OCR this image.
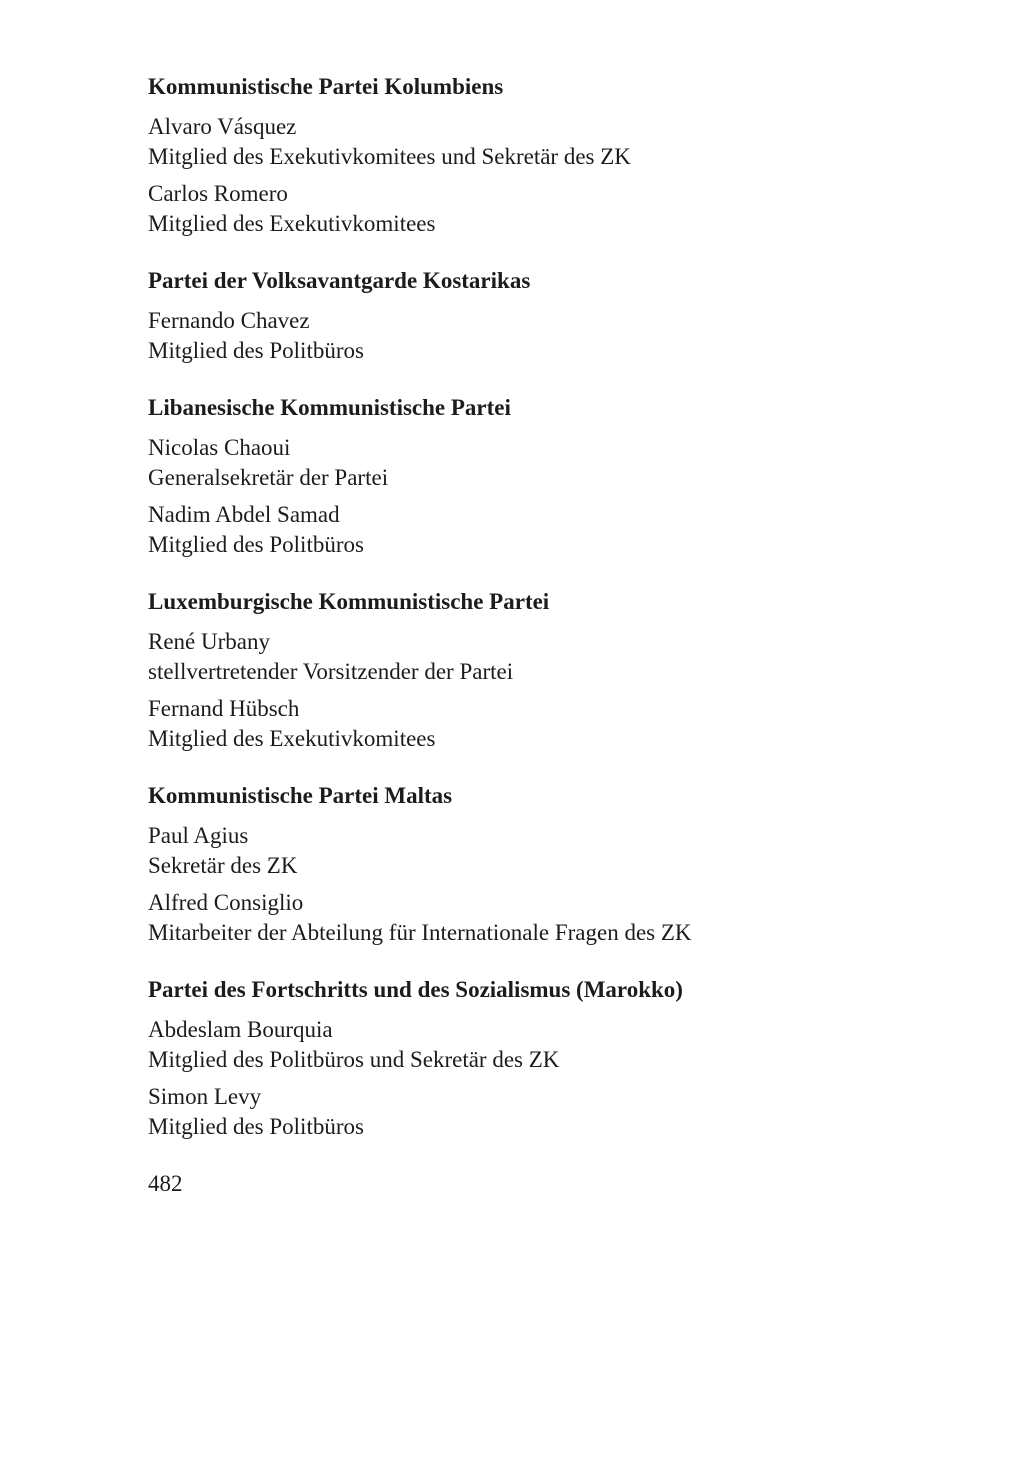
Kommunistische Partei Kolumbiens
Alvaro Vásquez
Mitglied des Exekutivkomitees und Sekretär des ZK
Carlos Romero
Mitglied des Exekutivkomitees
Partei der Volksavantgarde Kostarikas
Fernando Chavez
Mitglied des Politbüros
Libanesische Kommunistische Partei
Nicolas Chaoui
Generalsekretär der Partei
Nadim Abdel Samad
Mitglied des Politbüros
Luxemburgische Kommunistische Partei
René Urbany
stellvertretender Vorsitzender der Partei
Fernand Hübsch
Mitglied des Exekutivkomitees
Kommunistische Partei Maltas
Paul Agius
Sekretär des ZK
Alfred Consiglio
Mitarbeiter der Abteilung für Internationale Fragen des ZK
Partei des Fortschritts und des Sozialismus (Marokko)
Abdeslam Bourquia
Mitglied des Politbüros und Sekretär des ZK
Simon Levy
Mitglied des Politbüros
482
